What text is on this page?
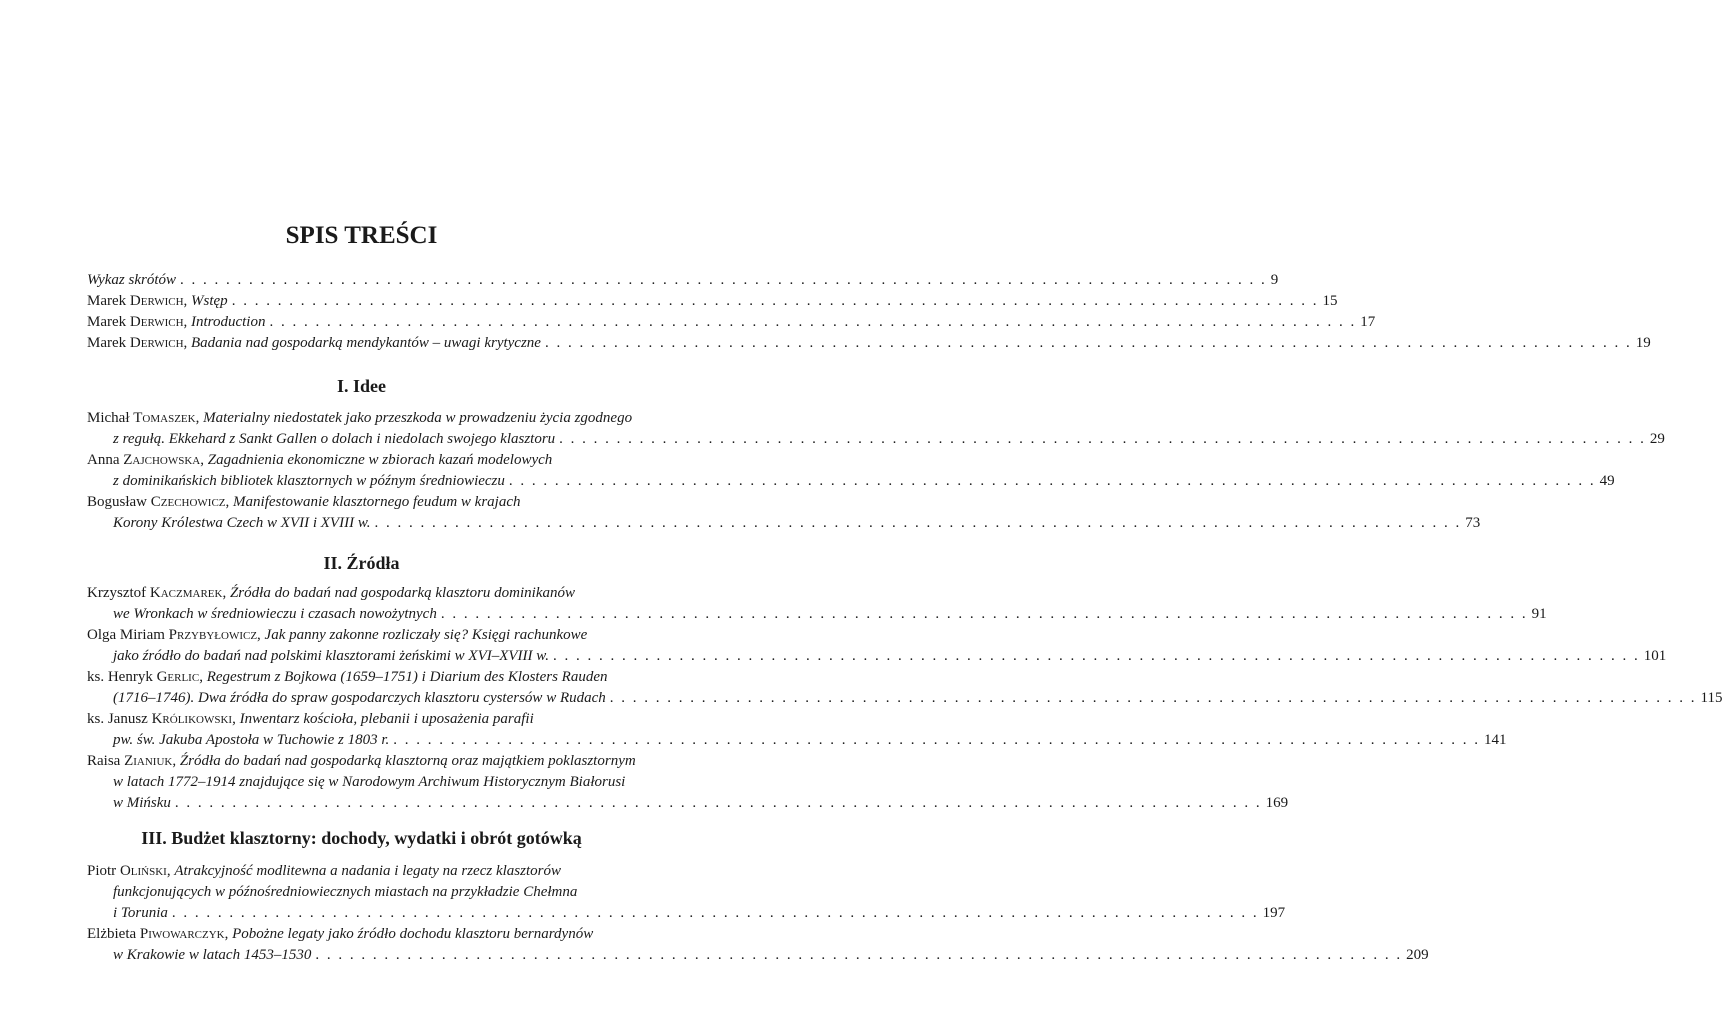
SPIS TREŚCI
Wykaz skrótów . . . . . . . . . . . . . . . . . . . . . . . . . . . . . . . . . . . . . . . . . . . . . . . . . . . . . . . . . . . . . . . . . . . . . . . . . . . . . . . . . . . . . . . . . . . . . . . 9
Marek Derwich, Wstęp . . . . . . . . . . . . . . . . . . . . . . . . . . . . . . . . . . . . . . . . . . . . . . . . . . . . . . . . . . . . . . . . . . . . . . . . . . . . . . . . . . . . . . . . . . . . . . . 15
Marek Derwich, Introduction . . . . . . . . . . . . . . . . . . . . . . . . . . . . . . . . . . . . . . . . . . . . . . . . . . . . . . . . . . . . . . . . . . . . . . . . . . . . . . . . . . . . . . . . . . . . . . . 17
Marek Derwich, Badania nad gospodarką mendykantów – uwagi krytyczne . . . . . . . . . . . . . . . . . . . . . . . . . . . . . . . . . . . . . . . . . . . . . . . . . . . . . . . . . . . . . . . . . . . . . . . . . . . . . . . . . . . . . . . . . . . . . . . 19
I. Idee
Michał Tomaszek, Materialny niedostatek jako przeszkoda w prowadzeniu życia zgodnego
z regułą. Ekkehard z Sankt Gallen o dolach i niedolach swojego klasztoru . . . . . . . . . . . . . . . . . . . . . . . . . . . . . . . . . . . . . . . . . . . . . . . . . . . . . . . . . . . . . . . . . . . . . . . . . . . . . . . . . . . . . . . . . . . . . . . 29
Anna Zajchowska, Zagadnienia ekonomiczne w zbiorach kazań modelowych
z dominikańskich bibliotek klasztornych w późnym średniowieczu . . . . . . . . . . . . . . . . . . . . . . . . . . . . . . . . . . . . . . . . . . . . . . . . . . . . . . . . . . . . . . . . . . . . . . . . . . . . . . . . . . . . . . . . . . . . . . . 49
Bogusław Czechowicz, Manifestowanie klasztornego feudum w krajach
Korony Królestwa Czech w XVII i XVIII w. . . . . . . . . . . . . . . . . . . . . . . . . . . . . . . . . . . . . . . . . . . . . . . . . . . . . . . . . . . . . . . . . . . . . . . . . . . . . . . . . . . . . . . . . . . . . . . . 73
II. Źródła
Krzysztof Kaczmarek, Źródła do badań nad gospodarką klasztoru dominikanów
we Wronkach w średniowieczu i czasach nowożytnych . . . . . . . . . . . . . . . . . . . . . . . . . . . . . . . . . . . . . . . . . . . . . . . . . . . . . . . . . . . . . . . . . . . . . . . . . . . . . . . . . . . . . . . . . . . . . . . 91
Olga Miriam Przybyłowicz, Jak panny zakonne rozliczały się? Księgi rachunkowe
jako źródło do badań nad polskimi klasztorami żeńskimi w XVI–XVIII w. . . . . . . . . . . . . . . . . . . . . . . . . . . . . . . . . . . . . . . . . . . . . . . . . . . . . . . . . . . . . . . . . . . . . . . . . . . . . . . . . . . . . . . . . . . . . . . . 101
ks. Henryk Gerlic, Regestrum z Bojkowa (1659–1751) i Diarium des Klosters Rauden
(1716–1746). Dwa źródła do spraw gospodarczych klasztoru cystersów w Rudach . . . . . . . . . . . . . . . . . . . . . . . . . . . . . . . . . . . . . . . . . . . . . . . . . . . . . . . . . . . . . . . . . . . . . . . . . . . . . . . . . . . . . . . . . . . . . . . 115
ks. Janusz Królikowski, Inwentarz kościoła, plebanii i uposażenia parafii
pw. św. Jakuba Apostoła w Tuchowie z 1803 r. . . . . . . . . . . . . . . . . . . . . . . . . . . . . . . . . . . . . . . . . . . . . . . . . . . . . . . . . . . . . . . . . . . . . . . . . . . . . . . . . . . . . . . . . . . . . . . . 141
Raisa Zianiuk, Źródła do badań nad gospodarką klasztorną oraz majątkiem poklasztornym
w latach 1772–1914 znajdujące się w Narodowym Archiwum Historycznym Białorusi
w Mińsku . . . . . . . . . . . . . . . . . . . . . . . . . . . . . . . . . . . . . . . . . . . . . . . . . . . . . . . . . . . . . . . . . . . . . . . . . . . . . . . . . . . . . . . . . . . . . . . 169
III. Budżet klasztorny: dochody, wydatki i obrót gotówką
Piotr Oliński, Atrakcyjność modlitewna a nadania i legaty na rzecz klasztorów
funkcjonujących w późnośredniowiecznych miastach na przykładzie Chełmna
i Torunia . . . . . . . . . . . . . . . . . . . . . . . . . . . . . . . . . . . . . . . . . . . . . . . . . . . . . . . . . . . . . . . . . . . . . . . . . . . . . . . . . . . . . . . . . . . . . . . 197
Elżbieta Piwowarczyk, Pobożne legaty jako źródło dochodu klasztoru bernardynów
w Krakowie w latach 1453–1530 . . . . . . . . . . . . . . . . . . . . . . . . . . . . . . . . . . . . . . . . . . . . . . . . . . . . . . . . . . . . . . . . . . . . . . . . . . . . . . . . . . . . . . . . . . . . . . . 209
